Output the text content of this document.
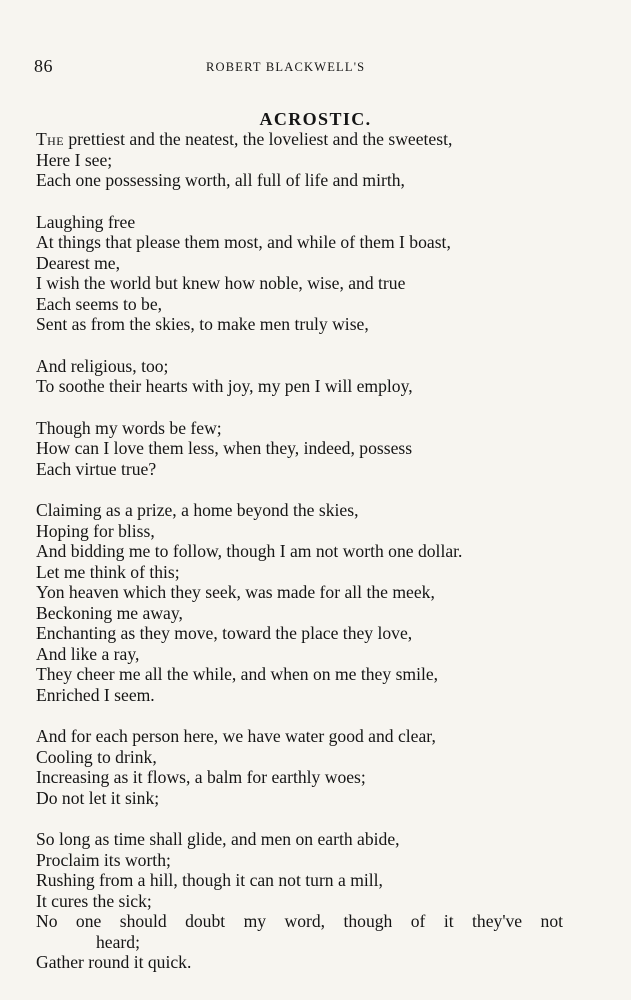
86	ROBERT BLACKWELL'S
ACROSTIC.
The prettiest and the neatest, the loveliest and the sweetest,
Here I see;
Each one possessing worth, all full of life and mirth,
Laughing free
At things that please them most, and while of them I boast,
Dearest me,
I wish the world but knew how noble, wise, and true
Each seems to be,
Sent as from the skies, to make men truly wise,
And religious, too;
To soothe their hearts with joy, my pen I will employ,
Though my words be few;
How can I love them less, when they, indeed, possess
Each virtue true?
Claiming as a prize, a home beyond the skies,
Hoping for bliss,
And bidding me to follow, though I am not worth one dollar.
Let me think of this;
Yon heaven which they seek, was made for all the meek,
Beckoning me away,
Enchanting as they move, toward the place they love,
And like a ray,
They cheer me all the while, and when on me they smile,
Enriched I seem.
And for each person here, we have water good and clear,
Cooling to drink,
Increasing as it flows, a balm for earthly woes;
Do not let it sink;
So long as time shall glide, and men on earth abide,
Proclaim its worth;
Rushing from a hill, though it can not turn a mill,
It cures the sick;
No one should doubt my word, though of it they've not
heard;
Gather round it quick.
